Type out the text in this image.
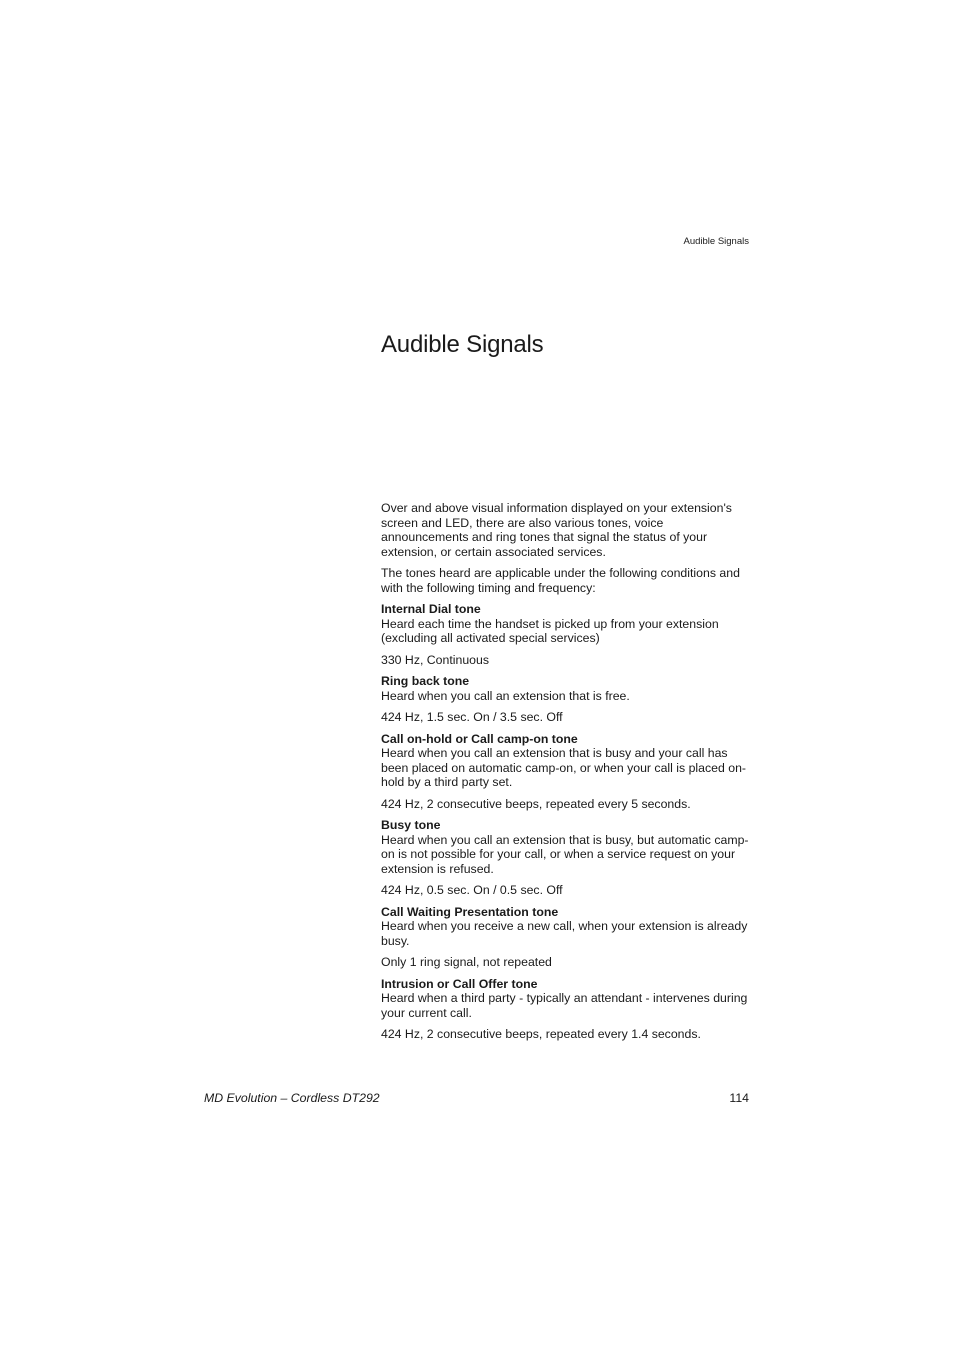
Audible Signals
Audible Signals

Over and above visual information displayed on your extension's screen and LED, there are also various tones, voice announcements and ring tones that signal the status of your extension, or certain associated services.

The tones heard are applicable under the following conditions and with the following timing and frequency:

Internal Dial tone
Heard each time the handset is picked up from your extension (excluding all activated special services)
330 Hz, Continuous
Ring back tone
Heard when you call an extension that is free.
424 Hz, 1.5 sec. On / 3.5 sec. Off
Call on-hold or Call camp-on tone
Heard when you call an extension that is busy and your call has been placed on automatic camp-on, or when your call is placed on-hold by a third party set.
424 Hz, 2 consecutive beeps, repeated every 5 seconds.
Busy tone
Heard when you call an extension that is busy, but automatic camp-on is not possible for your call, or when a service request on your extension is refused.
424 Hz, 0.5 sec. On / 0.5 sec. Off
Call Waiting Presentation tone
Heard when you receive a new call, when your extension is already busy.
Only 1 ring signal, not repeated
Intrusion or Call Offer tone
Heard when a third party - typically an attendant - intervenes during your current call.
424 Hz, 2 consecutive beeps, repeated every 1.4 seconds.
MD Evolution – Cordless DT292	114
